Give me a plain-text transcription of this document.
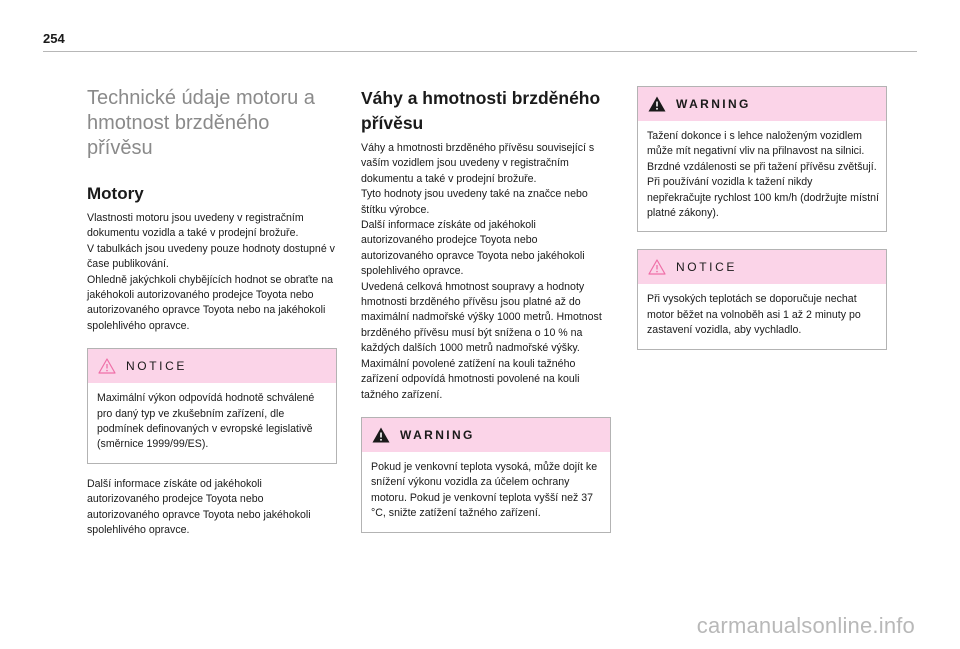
254
Technické údaje motoru a hmotnost brzděného přívěsu
Motory

Vlastnosti motoru jsou uvedeny v registračním dokumentu vozidla a také v prodejní brožuře.
V tabulkách jsou uvedeny pouze hodnoty dostupné v čase publikování.
Ohledně jakýchkoli chybějících hodnot se obraťte na jakéhokoli autorizovaného prodejce Toyota nebo autorizovaného opravce Toyota nebo na jakéhokoli spolehlivého opravce.

NOTICE
Maximální výkon odpovídá hodnotě schválené pro daný typ ve zkušebním zařízení, dle podmínek definovaných v evropské legislativě (směrnice 1999/99/ES).

Další informace získáte od jakéhokoli autorizovaného prodejce Toyota nebo autorizovaného opravce Toyota nebo jakéhokoli spolehlivého opravce.

Váhy a hmotnosti brzděného přívěsu

Váhy a hmotnosti brzděného přívěsu související s vaším vozidlem jsou uvedeny v registračním dokumentu a také v prodejní brožuře.
Tyto hodnoty jsou uvedeny také na značce nebo štítku výrobce.
Další informace získáte od jakéhokoli autorizovaného prodejce Toyota nebo autorizovaného opravce Toyota nebo jakéhokoli spolehlivého opravce.
Uvedená celková hmotnost soupravy a hodnoty hmotnosti brzděného přívěsu jsou platné až do maximální nadmořské výšky 1000 metrů. Hmotnost brzděného přívěsu musí být snížena o 10 % na každých dalších 1000 metrů nadmořské výšky.
Maximální povolené zatížení na kouli tažného zařízení odpovídá hmotnosti povolené na kouli tažného zařízení.

WARNING
Pokud je venkovní teplota vysoká, může dojít ke snížení výkonu vozidla za účelem ochrany motoru. Pokud je venkovní teplota vyšší než 37 °C, snižte zatížení tažného zařízení.
WARNING
Tažení dokonce i s lehce naloženým vozidlem může mít negativní vliv na přilnavost na silnici.
Brzdné vzdálenosti se při tažení přívěsu zvětšují.
Při používání vozidla k tažení nikdy nepřekračujte rychlost 100 km/h (dodržujte místní platné zákony).
NOTICE
Při vysokých teplotách se doporučuje nechat motor běžet na volnoběh asi 1 až 2 minuty po zastavení vozidla, aby vychladlo.
carmanualsonline.info
